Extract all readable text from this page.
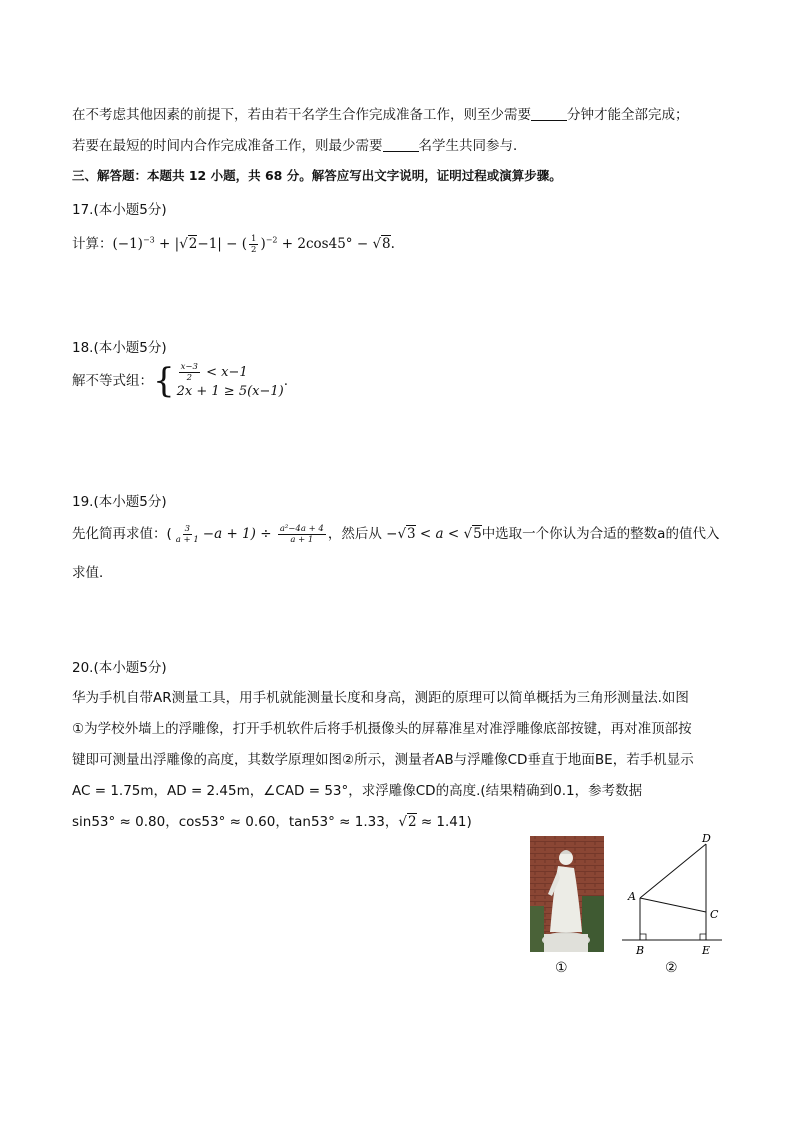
在不考虑其他因素的前提下，若由若干名学生合作完成准备工作，则至少需要	分钟才能全部完成；
若要在最短的时间内合作完成准备工作，则最少需要	名学生共同参与．
三、解答题：本题共 12 小题，共 68 分。解答应写出文字说明，证明过程或演算步骤。
17.(本小题5分)
计算：$(-1)^{-3} + |√2-1|$ − ( $\frac{1}{2} )^{-2} + 2\cos 45^\circ - √8$.
18.(本小题5分)
解不等式组： { $\frac{x-3}{2} < x-1$
2x + 1 ≥ 5(x−1)
.
19.(本小题5分)
先化简再求值：( $\frac{3}{a + 1} -a + 1) \div \frac{\text{a²−4a + 4}}{a + 1}$ ，然后从 −√3 < a < √5中选取一个你认为合适的整数a的值代入
求值．
20.(本小题5分)
华为手机自带AR测量工具，用手机就能测量长度和身高，测距的原理可以简单概括为三角形测量法.如图
①为学校外墙上的浮雕像，打开手机软件后将手机摄像头的屏幕准星对准浮雕像底部按键，再对准顶部按
键即可测量出浮雕像的高度，其数学原理如图②所示，测量者AB与浮雕像CD垂直于地面BE，若手机显示
AC = 1.75m，AD = 2.45m，∠CAD = 53°，求浮雕像CD的高度.(结果精确到0.1，参考数据
sin53° ≈ 0.80，cos53° ≈ 0.60，tan53° ≈ 1.33，√2 ≈ 1.41)
D
A
C
B	E
①	②
